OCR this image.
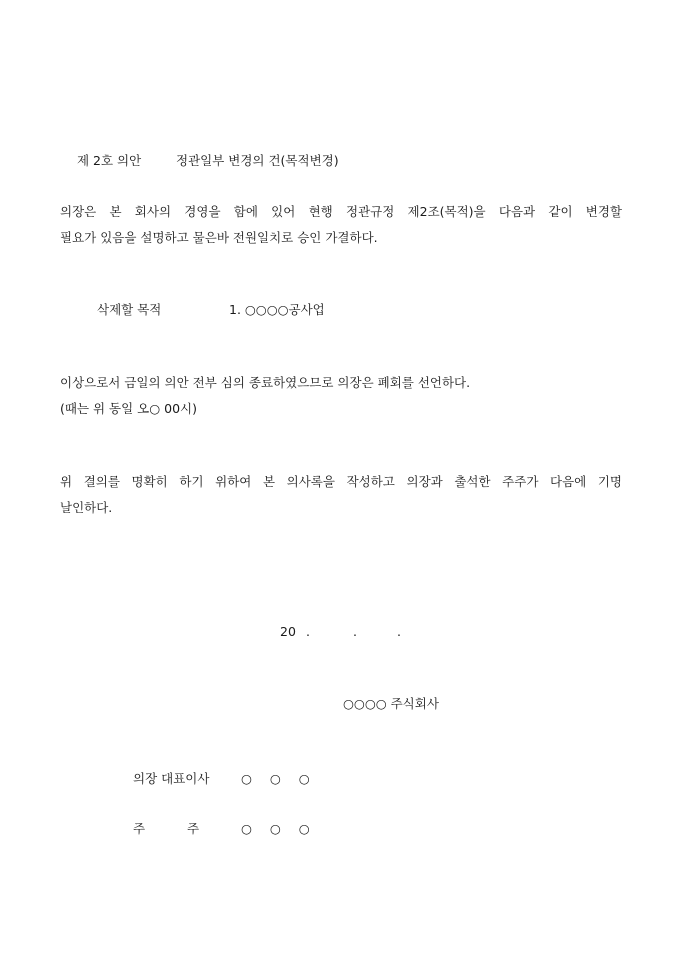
제 2호 의안	정관일부 변경의 건(목적변경)
의장은 본 회사의 경영을 함에 있어 현행 정관규정 제2조(목적)을 다음과 같이 변경할
필요가 있음을 설명하고 물은바 전원일치로 승인 가결하다.
삭제할 목적	1. ○○○○공사업
이상으로서 금일의 의안 전부 심의 종료하였으므로 의장은 폐회를 선언하다.
(때는 위 동일 오○ 00시)
위 결의를 명확히 하기 위하여 본 의사록을 작성하고 의장과 출석한 주주가 다음에 기명
날인하다.
20 .	.	.
○○○○ 주식회사
의장 대표이사	○ ○ ○
주 주	○ ○ ○
